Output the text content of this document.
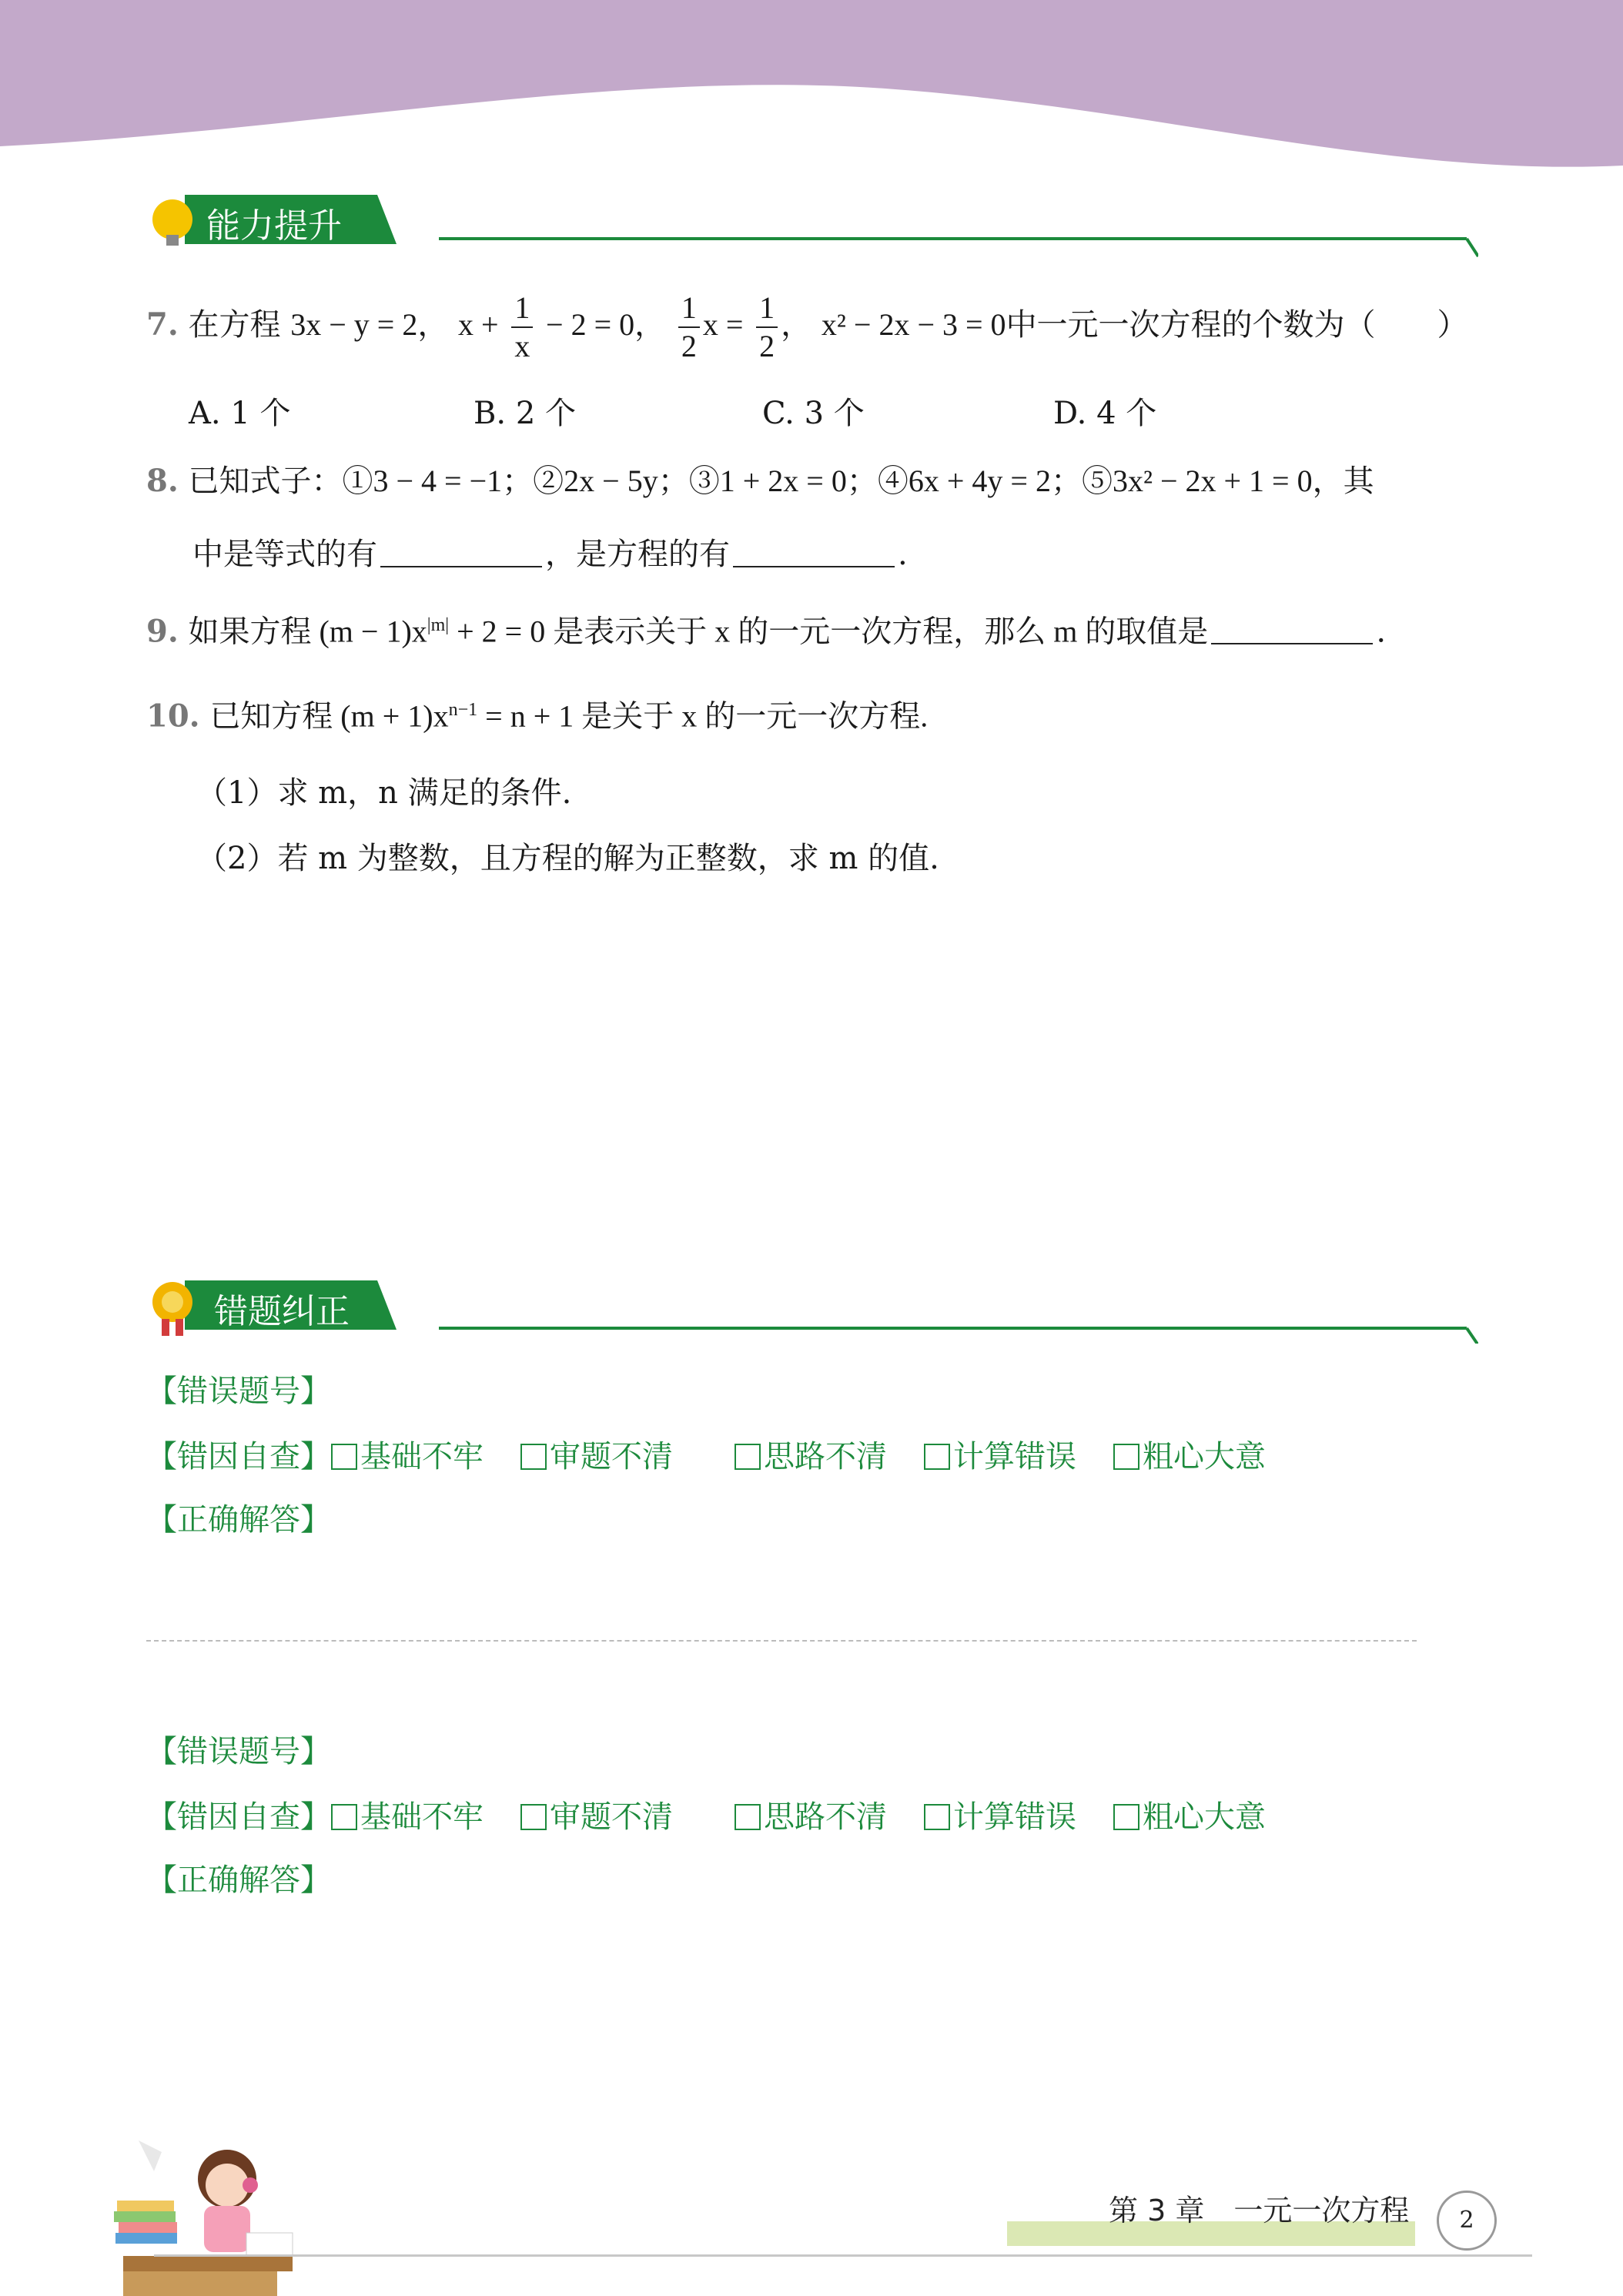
能力提升
7. 在方程 3x − y = 2， $x + \frac{1}{x} - 2 = 0$， $\frac{1}{2}$ $x = \frac{1}{2}$ ， x² − 2x − 3 = 0中一元一次方程的个数为（　　）
A. 1 个	B. 2 个	C. 3 个	D. 4 个
8. 已知式子：①3 − 4 = −1；②2x − 5y；③1 + 2x = 0；④6x + 4y = 2；⑤3x² − 2x + 1 = 0，其
中是等式的有	，是方程的有	.
9. 如果方程 $(m - 1)x^{|m|} + 2 = 0$ 是表示关于 x 的一元一次方程，那么 m 的取值是	.
10. 已知方程 $(m + 1)x^{n-1} = n + 1$ 是关于 x 的一元一次方程.
（1）求 m，n 满足的条件.
（2）若 m 为整数，且方程的解为正整数，求 m 的值.
错题纠正
【错误题号】
【错因自查】 基础不牢 审题不清	思路不清 计算错误 粗心大意
【正确解答】
【错误题号】
【错因自查】 基础不牢 审题不清	思路不清 计算错误 粗心大意
【正确解答】
第 3 章　一元一次方程	2
